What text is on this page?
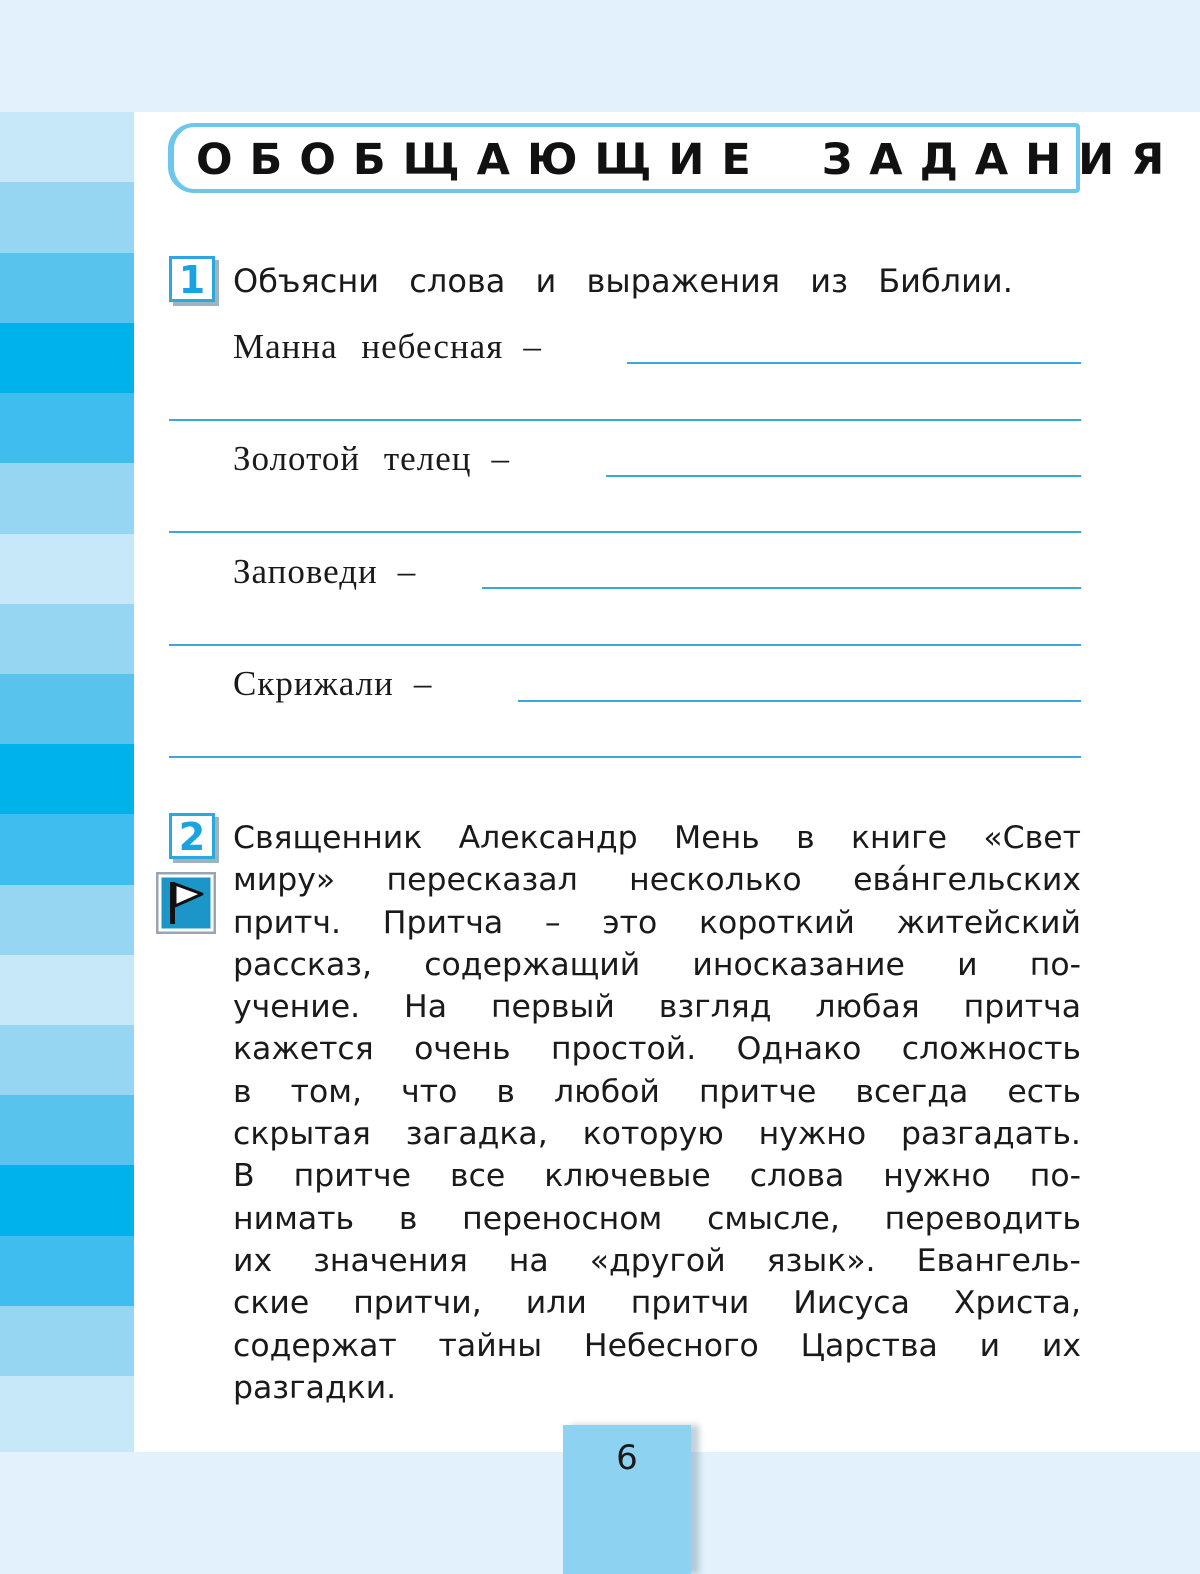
ОБОБЩАЮЩИЕ ЗАДАНИЯ
1 Объясни слова и выражения из Библии.
Манна небесная –
Золотой телец –
Заповеди –
Скрижали –
2 Священник Александр Мень в книге «Свет
миру» пересказал несколько ева́нгельских
притч. Притча – это короткий житейский
рассказ, содержащий иносказание и по-
учение. На первый взгляд любая притча
кажется очень простой. Однако сложность
в том, что в любой притче всегда есть
скрытая загадка, которую нужно разгадать.
В притче все ключевые слова нужно по-
нимать в переносном смысле, переводить
их значения на «другой язык». Евангель-
ские притчи, или притчи Иисуса Христа,
содержат тайны Небесного Царства и их
разгадки.
6
